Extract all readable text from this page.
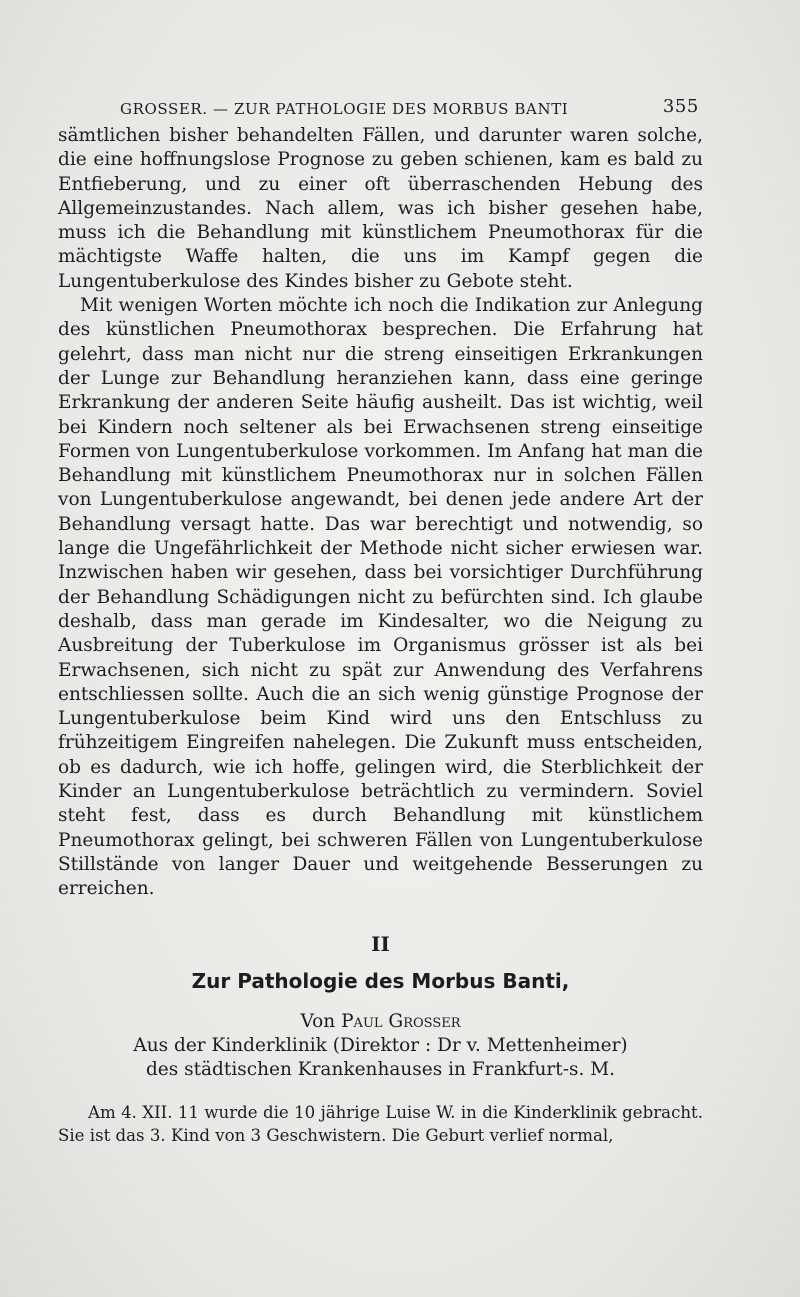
GROSSER. — ZUR PATHOLOGIE DES MORBUS BANTI	355

sämtlichen bisher behandelten Fällen, und darunter waren solche, die eine hoffnungslose Prognose zu geben schienen, kam es bald zu Entfieberung, und zu einer oft überraschenden Hebung des Allgemeinzustandes. Nach allem, was ich bisher gesehen habe, muss ich die Behandlung mit künstlichem Pneumothorax für die mächtigste Waffe halten, die uns im Kampf gegen die Lungentuberkulose des Kindes bisher zu Gebote steht.

Mit wenigen Worten möchte ich noch die Indikation zur Anlegung des künstlichen Pneumothorax besprechen. Die Erfahrung hat gelehrt, dass man nicht nur die streng einseitigen Erkrankungen der Lunge zur Behandlung heranziehen kann, dass eine geringe Erkrankung der anderen Seite häufig ausheilt. Das ist wichtig, weil bei Kindern noch seltener als bei Erwachsenen streng einseitige Formen von Lungentuberkulose vorkommen. Im Anfang hat man die Behandlung mit künstlichem Pneumothorax nur in solchen Fällen von Lungentuberkulose angewandt, bei denen jede andere Art der Behandlung versagt hatte. Das war berechtigt und notwendig, so lange die Ungefährlichkeit der Methode nicht sicher erwiesen war. Inzwischen haben wir gesehen, dass bei vorsichtiger Durchführung der Behandlung Schädigungen nicht zu befürchten sind. Ich glaube deshalb, dass man gerade im Kindesalter, wo die Neigung zu Ausbreitung der Tuberkulose im Organismus grösser ist als bei Erwachsenen, sich nicht zu spät zur Anwendung des Verfahrens entschliessen sollte. Auch die an sich wenig günstige Prognose der Lungentuberkulose beim Kind wird uns den Entschluss zu frühzeitigem Eingreifen nahelegen. Die Zukunft muss entscheiden, ob es dadurch, wie ich hoffe, gelingen wird, die Sterblichkeit der Kinder an Lungentuberkulose beträchtlich zu vermindern. Soviel steht fest, dass es durch Behandlung mit künstlichem Pneumothorax gelingt, bei schweren Fällen von Lungentuberkulose Stillstände von langer Dauer und weitgehende Besserungen zu erreichen.

II
Zur Pathologie des Morbus Banti,
Von Paul Grosser
Aus der Kinderklinik (Direktor : Dr v. Mettenheimer)
des städtischen Krankenhauses in Frankfurt-s. M.

Am 4. XII. 11 wurde die 10 jährige Luise W. in die Kinderklinik gebracht. Sie ist das 3. Kind von 3 Geschwistern. Die Geburt verlief normal,
